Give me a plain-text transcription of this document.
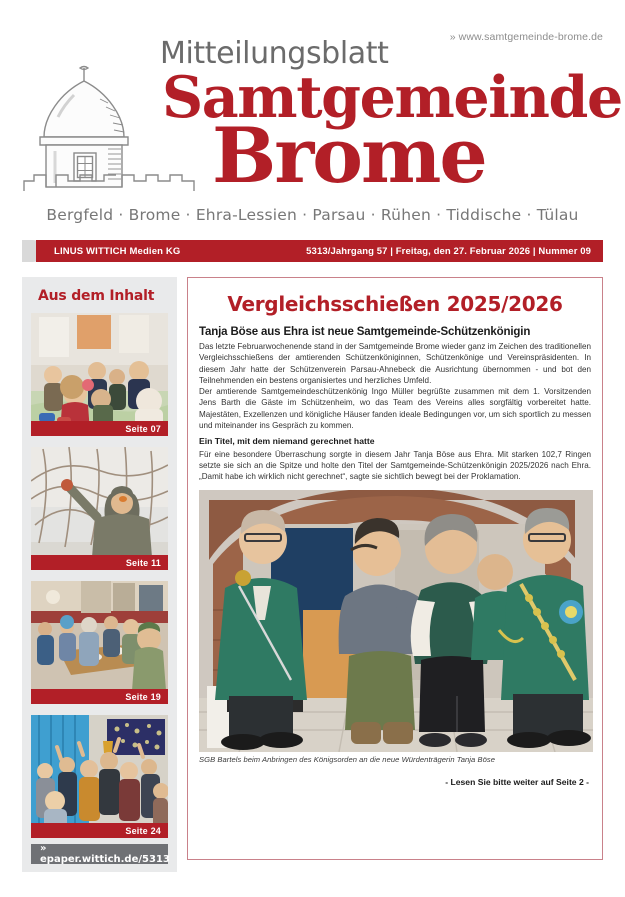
» www.samtgemeinde-brome.de
Mitteilungsblatt
Samtgemeinde
Brome
Bergfeld · Brome · Ehra-Lessien · Parsau · Rühen · Tiddische · Tülau
LINUS WITTICH Medien KG	5313/Jahrgang 57 | Freitag, den 27. Februar 2026 | Nummer 09
Aus dem Inhalt
Seite 07
Seite 11
Seite 19
Seite 24
» epaper.wittich.de/5313
Vergleichsschießen 2025/2026
Tanja Böse aus Ehra ist neue Samtgemeinde-Schützenkönigin

Das letzte Februarwochenende stand in der Samtgemeinde Brome wieder ganz im Zeichen des traditionellen Vergleichsschießens der amtierenden Schützenköniginnen, Schützenkönige und Vereinspräsidenten. In diesem Jahr hatte der Schützenverein Parsau-Ahnebeck die Ausrichtung übernommen - und bot den Teilnehmenden ein bestens organisiertes und herzliches Umfeld.

Der amtierende Samtgemeindeschützenkönig Ingo Müller begrüßte zusammen mit dem 1. Vorsitzenden Jens Barth die Gäste im Schützenheim, wo das Team des Vereins alles sorgfältig vorbereitet hatte. Majestäten, Exzellenzen und königliche Häuser fanden ideale Bedingungen vor, um sich sportlich zu messen und miteinander ins Gespräch zu kommen.

Ein Titel, mit dem niemand gerechnet hatte

Für eine besondere Überraschung sorgte in diesem Jahr Tanja Böse aus Ehra. Mit starken 102,7 Ringen setzte sie sich an die Spitze und holte den Titel der Samtgemeinde-Schützenkönigin 2025/2026 nach Ehra. „Damit habe ich wirklich nicht gerechnet“, sagte sie sichtlich bewegt bei der Proklamation.

SGB Bartels beim Anbringen des Königsorden an die neue Würdenträgerin Tanja Böse
- Lesen Sie bitte weiter auf Seite 2 -
